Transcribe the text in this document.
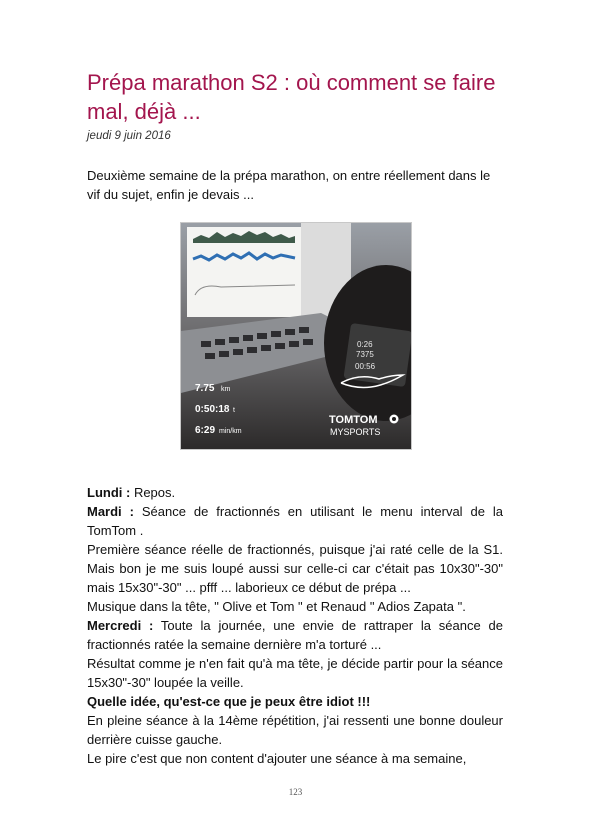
Prépa marathon S2 : où comment se faire mal, déjà ...
jeudi 9 juin 2016

Deuxième semaine de la prépa marathon, on entre réellement dans le vif du sujet, enfin je devais ...

0:26
7375
00:56
7.75 km
0:50:18 t
6:29 min/km
TOMTOM
MYSPORTS

Lundi : Repos.

Mardi : Séance de fractionnés en utilisant le menu interval de la TomTom .

Première séance réelle de fractionnés, puisque j'ai raté celle de la S1. Mais bon je me suis loupé aussi sur celle-ci car c'était pas 10x30"-30" mais 15x30"-30" ... pfff ... laborieux ce début de prépa ...

Musique dans la tête, " Olive et Tom " et Renaud " Adios Zapata ".

Mercredi : Toute la journée, une envie de rattraper la séance de fractionnés ratée la semaine dernière m'a torturé ...

Résultat comme je n'en fait qu'à ma tête, je décide partir pour la séance 15x30"-30" loupée la veille.

Quelle idée, qu'est-ce que je peux être idiot !!!

En pleine séance à la 14ème répétition, j'ai ressenti une bonne douleur derrière cuisse gauche.

Le pire c'est que non content d'ajouter une séance à ma semaine,

123
